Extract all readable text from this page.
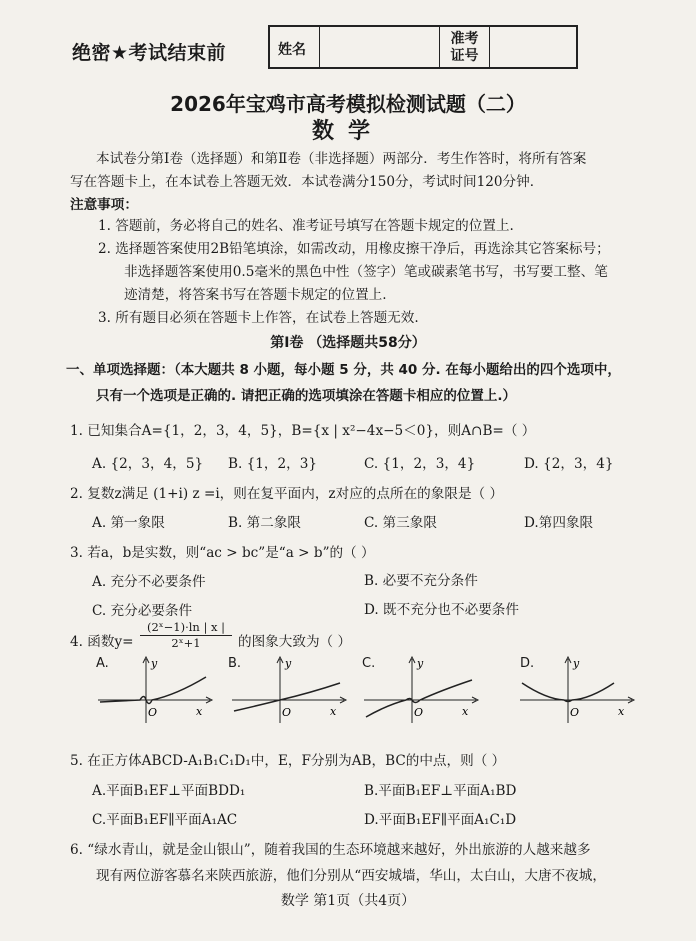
绝密★考试结束前	姓名
准考
证号
2026年宝鸡市高考模拟检测试题（二）
数学
本试卷分第Ⅰ卷（选择题）和第Ⅱ卷（非选择题）两部分．考生作答时，将所有答案
写在答题卡上，在本试卷上答题无效．本试卷满分150分，考试时间120分钟．
注意事项：
1. 答题前，务必将自己的姓名、准考证号填写在答题卡规定的位置上.
2. 选择题答案使用2B铅笔填涂，如需改动，用橡皮擦干净后，再选涂其它答案标号；
非选择题答案使用0.5毫米的黑色中性（签字）笔或碳素笔书写，书写要工整、笔
迹清楚，将答案书写在答题卡规定的位置上.
3. 所有题目必须在答题卡上作答，在试卷上答题无效.
第Ⅰ卷 （选择题共58分）
一、单项选择题：（本大题共 8 小题，每小题 5 分，共 40 分. 在每小题给出的四个选项中，
只有一个选项是正确的. 请把正确的选项填涂在答题卡相应的位置上.）
1. 已知集合A={1，2，3，4，5}，B={x | x²−4x−5＜0}，则A∩B=（ ）
A. {2，3，4，5} B. {1，2，3}	C. {1，2，3，4}	D. {2，3，4}
2. 复数z满足 (1+i) z =i，则在复平面内，z对应的点所在的象限是（ ）
A. 第一象限	B. 第二象限	C. 第三象限	D.第四象限
3. 若a，b是实数，则“ac > bc”是“a > b”的（ ）
A. 充分不必要条件	B. 必要不充分条件
C. 充分必要条件	D. 既不充分也不必要条件
4. 函数y=
(2ˣ−1)·ln | x |
2ˣ+1	的图象大致为（ ）
A.	B.	C.	D.
y
x
O
y
x
O
y
x
O
y
x
O
5. 在正方体ABCD-A₁B₁C₁D₁中，E，F分别为AB，BC的中点，则（ ）
A.平面B₁EF⊥平面BDD₁	B.平面B₁EF⊥平面A₁BD
C.平面B₁EF∥平面A₁AC	D.平面B₁EF∥平面A₁C₁D
6. “绿水青山，就是金山银山”，随着我国的生态环境越来越好，外出旅游的人越来越多
现有两位游客慕名来陕西旅游，他们分别从“西安城墙，华山，太白山，大唐不夜城，
数学 第1页（共4页）
